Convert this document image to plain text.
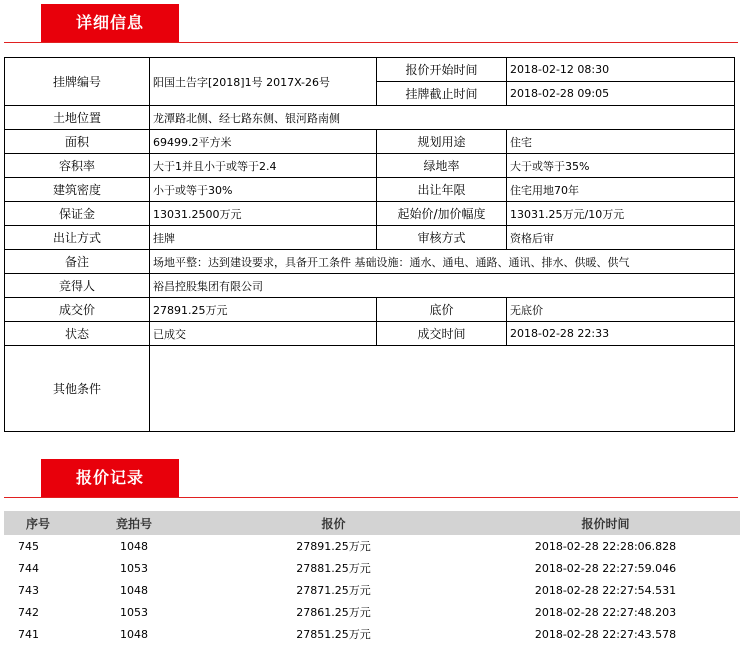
详细信息
挂牌编号	阳国土告字[2018]1号 2017X-26号	报价开始时间	2018-02-12 08:30
		挂牌截止时间	2018-02-28 09:05
土地位置	龙潭路北侧、经七路东侧、银河路南侧		
面积	69499.2平方米	规划用途	住宅
容积率	大于1并且小于或等于2.4	绿地率	大于或等于35%
建筑密度	小于或等于30%	出让年限	住宅用地70年
保证金	13031.2500万元	起始价/加价幅度	13031.25万元/10万元
出让方式	挂牌	审核方式	资格后审
备注	场地平整：达到建设要求，具备开工条件 基础设施：通水、通电、通路、通讯、排水、供暖、供气		
竞得人	裕昌控股集团有限公司		
成交价	27891.25万元	底价	无底价
状态	已成交	成交时间	2018-02-28 22:33
其他条件			
报价记录
序号	竞拍号	报价	报价时间
745	1048	27891.25万元	2018-02-28 22:28:06.828
744	1053	27881.25万元	2018-02-28 22:27:59.046
743	1048	27871.25万元	2018-02-28 22:27:54.531
742	1053	27861.25万元	2018-02-28 22:27:48.203
741	1048	27851.25万元	2018-02-28 22:27:43.578
